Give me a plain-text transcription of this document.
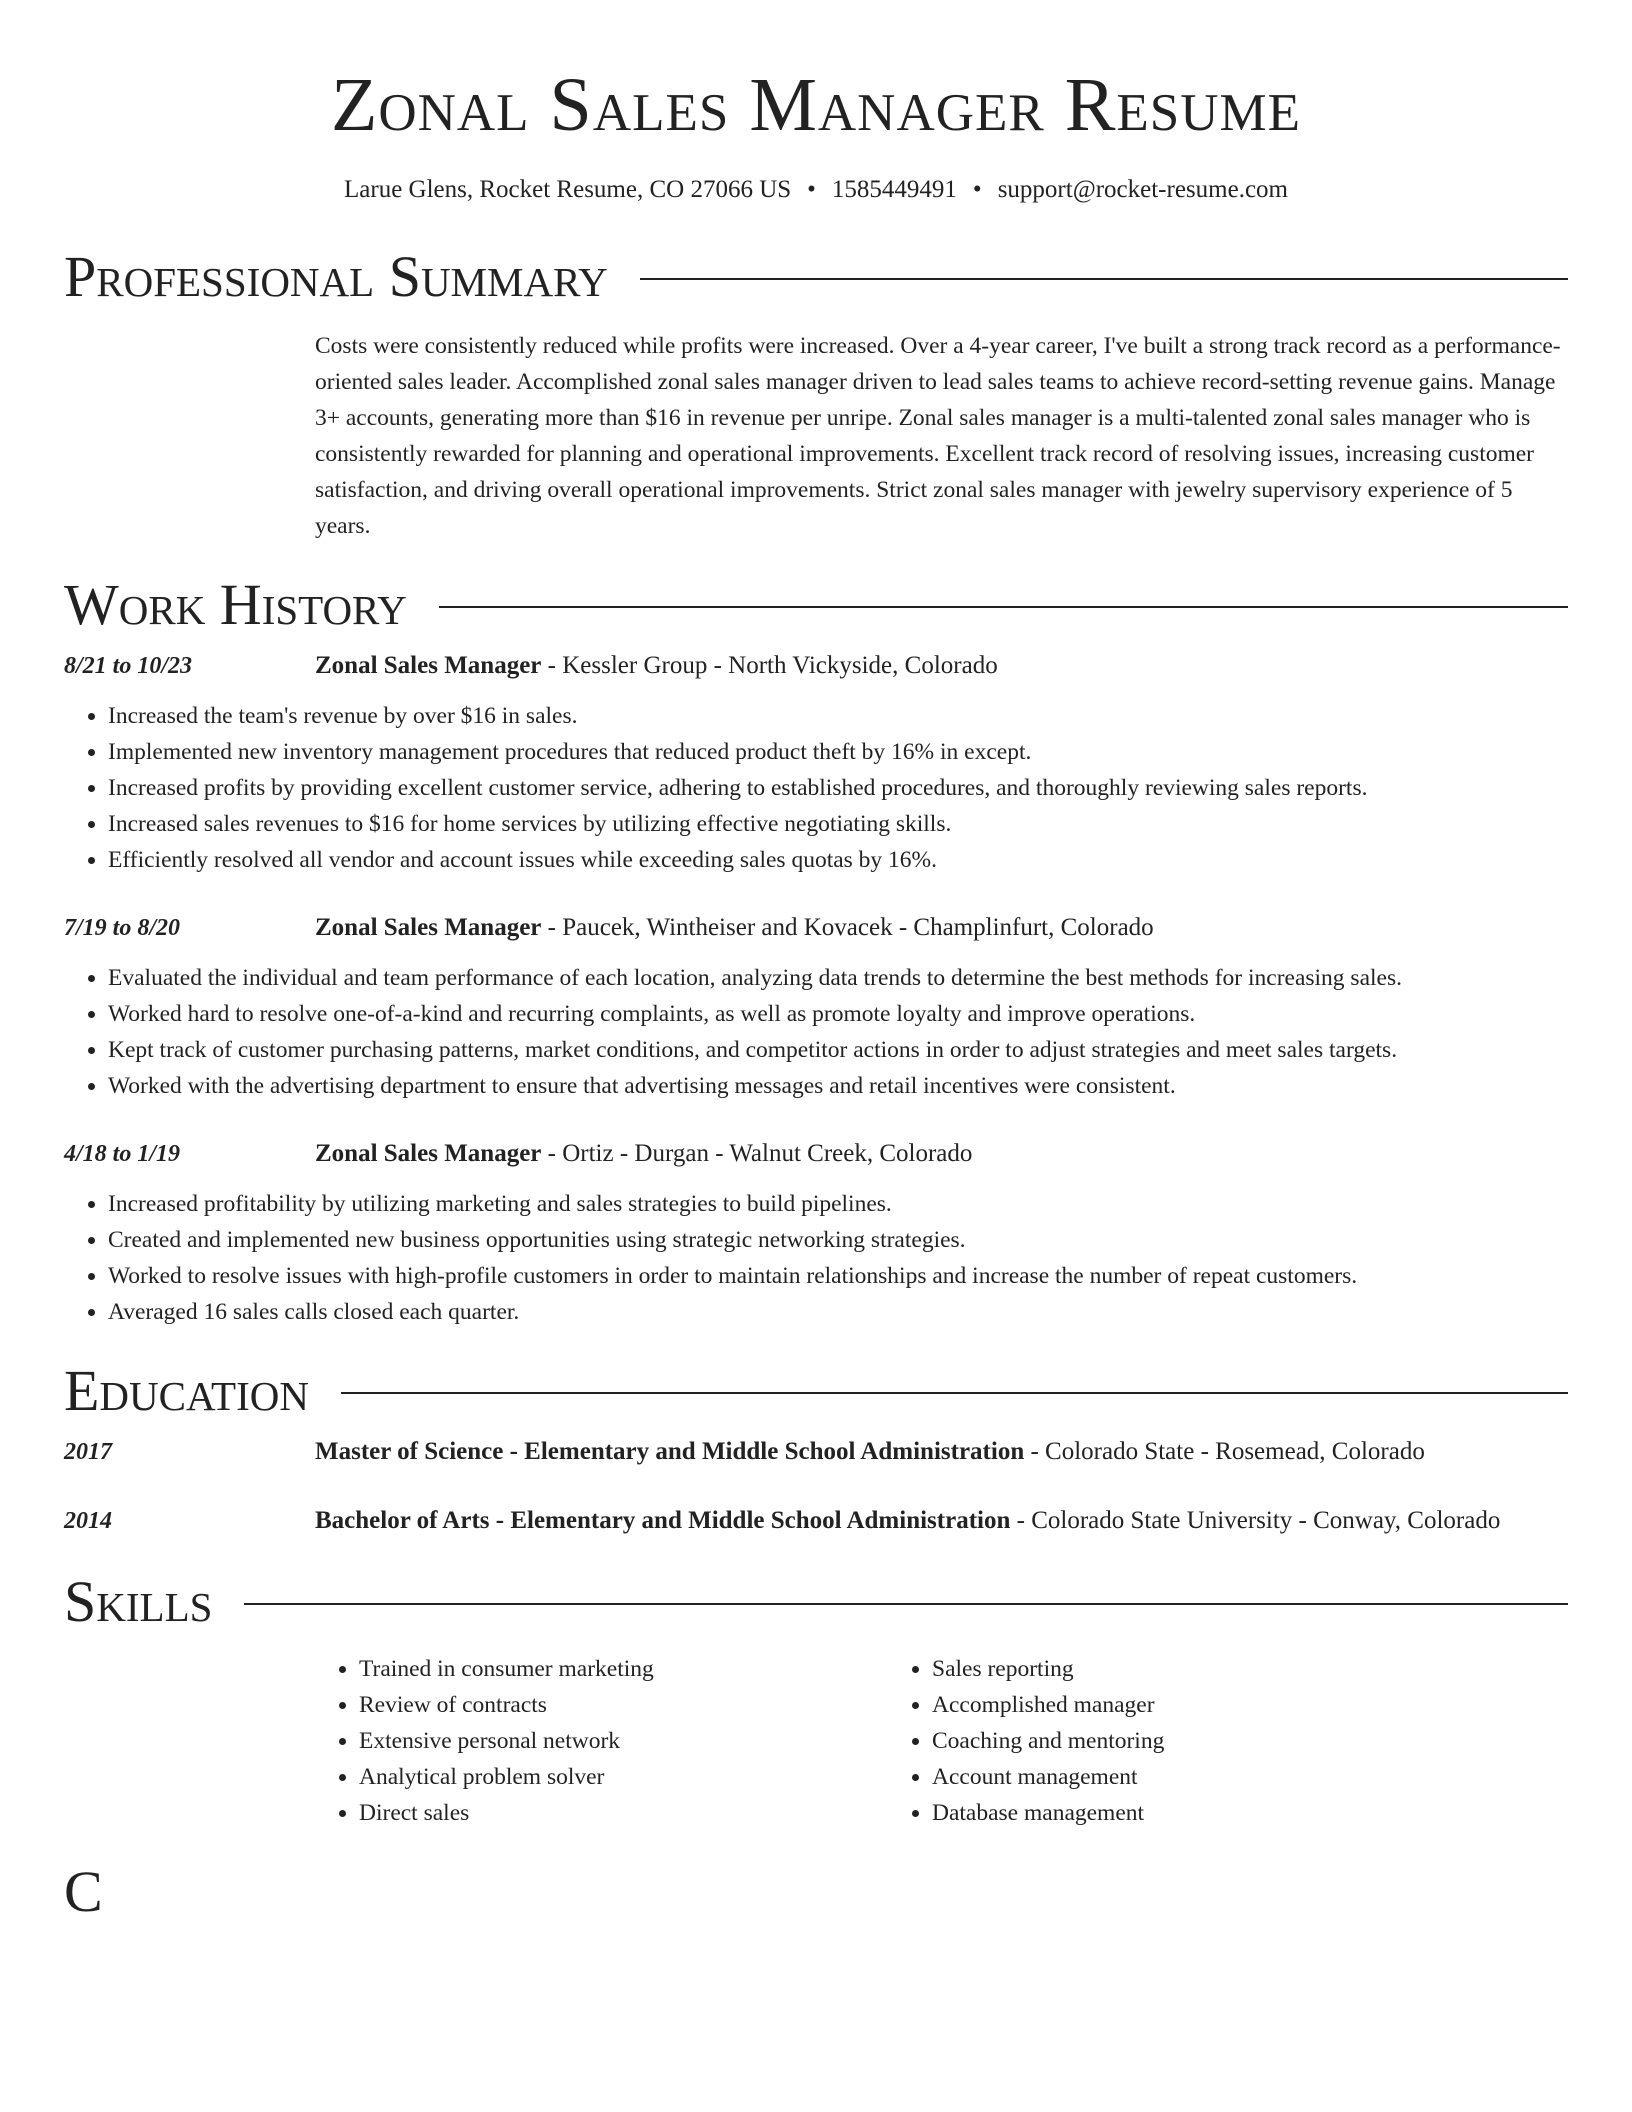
Zonal Sales Manager Resume
Larue Glens, Rocket Resume, CO 27066 US • 1585449491 • support@rocket-resume.com
Professional Summary
Costs were consistently reduced while profits were increased. Over a 4-year career, I've built a strong track record as a performance-oriented sales leader. Accomplished zonal sales manager driven to lead sales teams to achieve record-setting revenue gains. Manage 3+ accounts, generating more than $16 in revenue per unripe. Zonal sales manager is a multi-talented zonal sales manager who is consistently rewarded for planning and operational improvements. Excellent track record of resolving issues, increasing customer satisfaction, and driving overall operational improvements. Strict zonal sales manager with jewelry supervisory experience of 5 years.
Work History
8/21 to 10/23	Zonal Sales Manager - Kessler Group - North Vickyside, Colorado
• Increased the team's revenue by over $16 in sales.
• Implemented new inventory management procedures that reduced product theft by 16% in except.
• Increased profits by providing excellent customer service, adhering to established procedures, and thoroughly reviewing sales reports.
• Increased sales revenues to $16 for home services by utilizing effective negotiating skills.
• Efficiently resolved all vendor and account issues while exceeding sales quotas by 16%.
7/19 to 8/20	Zonal Sales Manager - Paucek, Wintheiser and Kovacek - Champlinfurt, Colorado
• Evaluated the individual and team performance of each location, analyzing data trends to determine the best methods for increasing sales.
• Worked hard to resolve one-of-a-kind and recurring complaints, as well as promote loyalty and improve operations.
• Kept track of customer purchasing patterns, market conditions, and competitor actions in order to adjust strategies and meet sales targets.
• Worked with the advertising department to ensure that advertising messages and retail incentives were consistent.
4/18 to 1/19	Zonal Sales Manager - Ortiz - Durgan - Walnut Creek, Colorado
• Increased profitability by utilizing marketing and sales strategies to build pipelines.
• Created and implemented new business opportunities using strategic networking strategies.
• Worked to resolve issues with high-profile customers in order to maintain relationships and increase the number of repeat customers.
• Averaged 16 sales calls closed each quarter.
Education
2017	Master of Science - Elementary and Middle School Administration - Colorado State - Rosemead, Colorado
2014	Bachelor of Arts - Elementary and Middle School Administration - Colorado State University - Conway, Colorado
Skills
• Trained in consumer marketing
• Review of contracts
• Extensive personal network
• Analytical problem solver
• Direct sales
• Sales reporting
• Accomplished manager
• Coaching and mentoring
• Account management
• Database management
C
